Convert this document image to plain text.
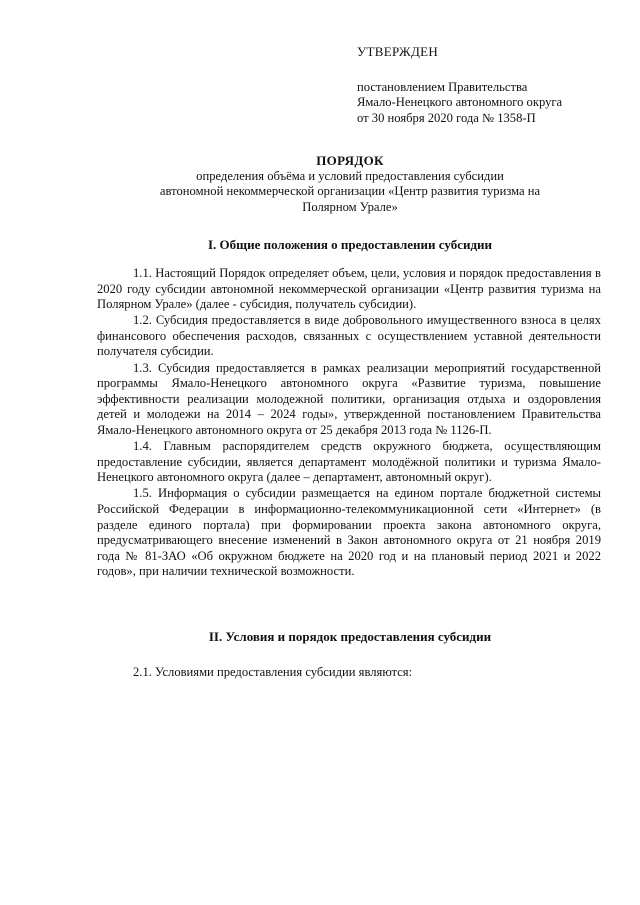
УТВЕРЖДЕН
постановлением Правительства
Ямало-Ненецкого автономного округа
от 30 ноября 2020 года № 1358-П
ПОРЯДОК
определения объёма и условий предоставления субсидии
автономной некоммерческой организации «Центр развития туризма на
Полярном Урале»
I. Общие положения о предоставлении субсидии

1.1. Настоящий Порядок определяет объем, цели, условия и порядок предоставления в 2020 году субсидии автономной некоммерческой организации «Центр развития туризма на Полярном Урале» (далее - субсидия, получатель субсидии).

1.2. Субсидия предоставляется в виде добровольного имущественного взноса в целях финансового обеспечения расходов, связанных с осуществлением уставной деятельности получателя субсидии.

1.3. Субсидия предоставляется в рамках реализации мероприятий государственной программы Ямало-Ненецкого автономного округа «Развитие туризма, повышение эффективности реализации молодежной политики, организация отдыха и оздоровления детей и молодежи на 2014 – 2024 годы», утвержденной постановлением Правительства Ямало-Ненецкого автономного округа от 25 декабря 2013 года № 1126-П.

1.4. Главным распорядителем средств окружного бюджета, осуществляющим предоставление субсидии, является департамент молодёжной политики и туризма Ямало-Ненецкого автономного округа (далее – департамент, автономный округ).

1.5. Информация о субсидии размещается на едином портале бюджетной системы Российской Федерации в информационно-телекоммуникационной сети «Интернет» (в разделе единого портала) при формировании проекта закона автономного округа, предусматривающего внесение изменений в Закон автономного округа от 21 ноября 2019 года № 81-ЗАО «Об окружном бюджете на 2020 год и на плановый период 2021 и 2022 годов», при наличии технической возможности.

II. Условия и порядок предоставления субсидии

2.1. Условиями предоставления субсидии являются:
